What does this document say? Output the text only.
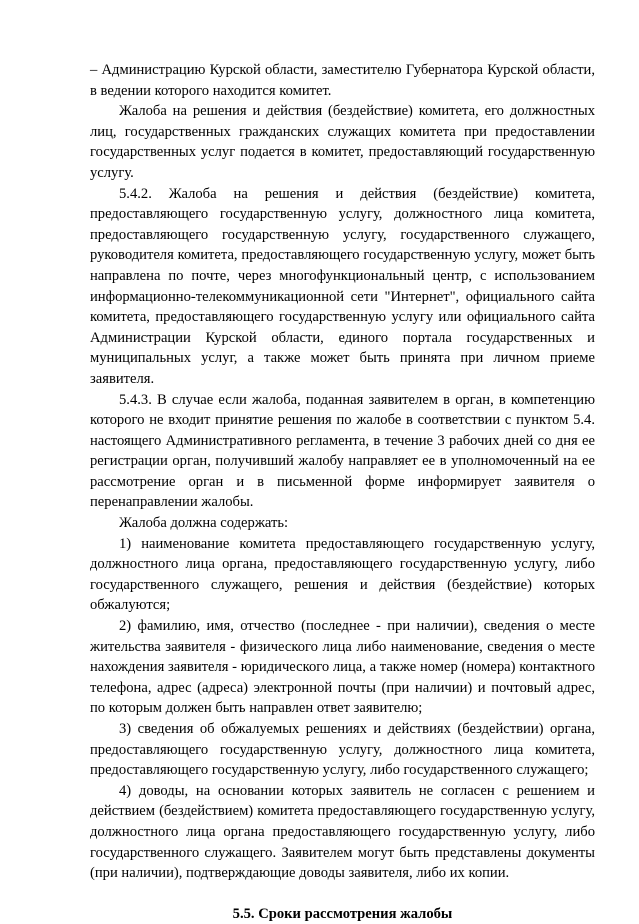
– Администрацию Курской области, заместителю Губернатора Курской области, в ведении которого находится комитет.

Жалоба на решения и действия (бездействие) комитета, его должностных лиц, государственных гражданских служащих комитета при предоставлении государственных услуг подается в комитет, предоставляющий государственную услугу.

5.4.2. Жалоба на решения и действия (бездействие) комитета, предоставляющего государственную услугу, должностного лица комитета, предоставляющего государственную услугу, государственного служащего, руководителя комитета, предоставляющего государственную услугу, может быть направлена по почте, через многофункциональный центр, с использованием информационно-телекоммуникационной сети "Интернет", официального сайта комитета, предоставляющего государственную услугу или официального сайта Администрации Курской области, единого портала государственных и муниципальных услуг, а также может быть принята при личном приеме заявителя.

5.4.3. В случае если жалоба, поданная заявителем в орган, в компетенцию которого не входит принятие решения по жалобе в соответствии с пунктом 5.4. настоящего Административного регламента, в течение 3 рабочих дней со дня ее регистрации орган, получивший жалобу направляет ее в уполномоченный на ее рассмотрение орган и в письменной форме информирует заявителя о перенаправлении жалобы.

Жалоба должна содержать:

1) наименование комитета предоставляющего государственную услугу, должностного лица органа, предоставляющего государственную услугу, либо государственного служащего, решения и действия (бездействие) которых обжалуются;

2) фамилию, имя, отчество (последнее - при наличии), сведения о месте жительства заявителя - физического лица либо наименование, сведения о месте нахождения заявителя - юридического лица, а также номер (номера) контактного телефона, адрес (адреса) электронной почты (при наличии) и почтовый адрес, по которым должен быть направлен ответ заявителю;

3) сведения об обжалуемых решениях и действиях (бездействии) органа, предоставляющего государственную услугу, должностного лица комитета, предоставляющего государственную услугу, либо государственного служащего;

4) доводы, на основании которых заявитель не согласен с решением и действием (бездействием) комитета предоставляющего государственную услугу, должностного лица органа предоставляющего государственную услугу, либо государственного служащего. Заявителем могут быть представлены документы (при наличии), подтверждающие доводы заявителя, либо их копии.

5.5. Сроки рассмотрения жалобы
